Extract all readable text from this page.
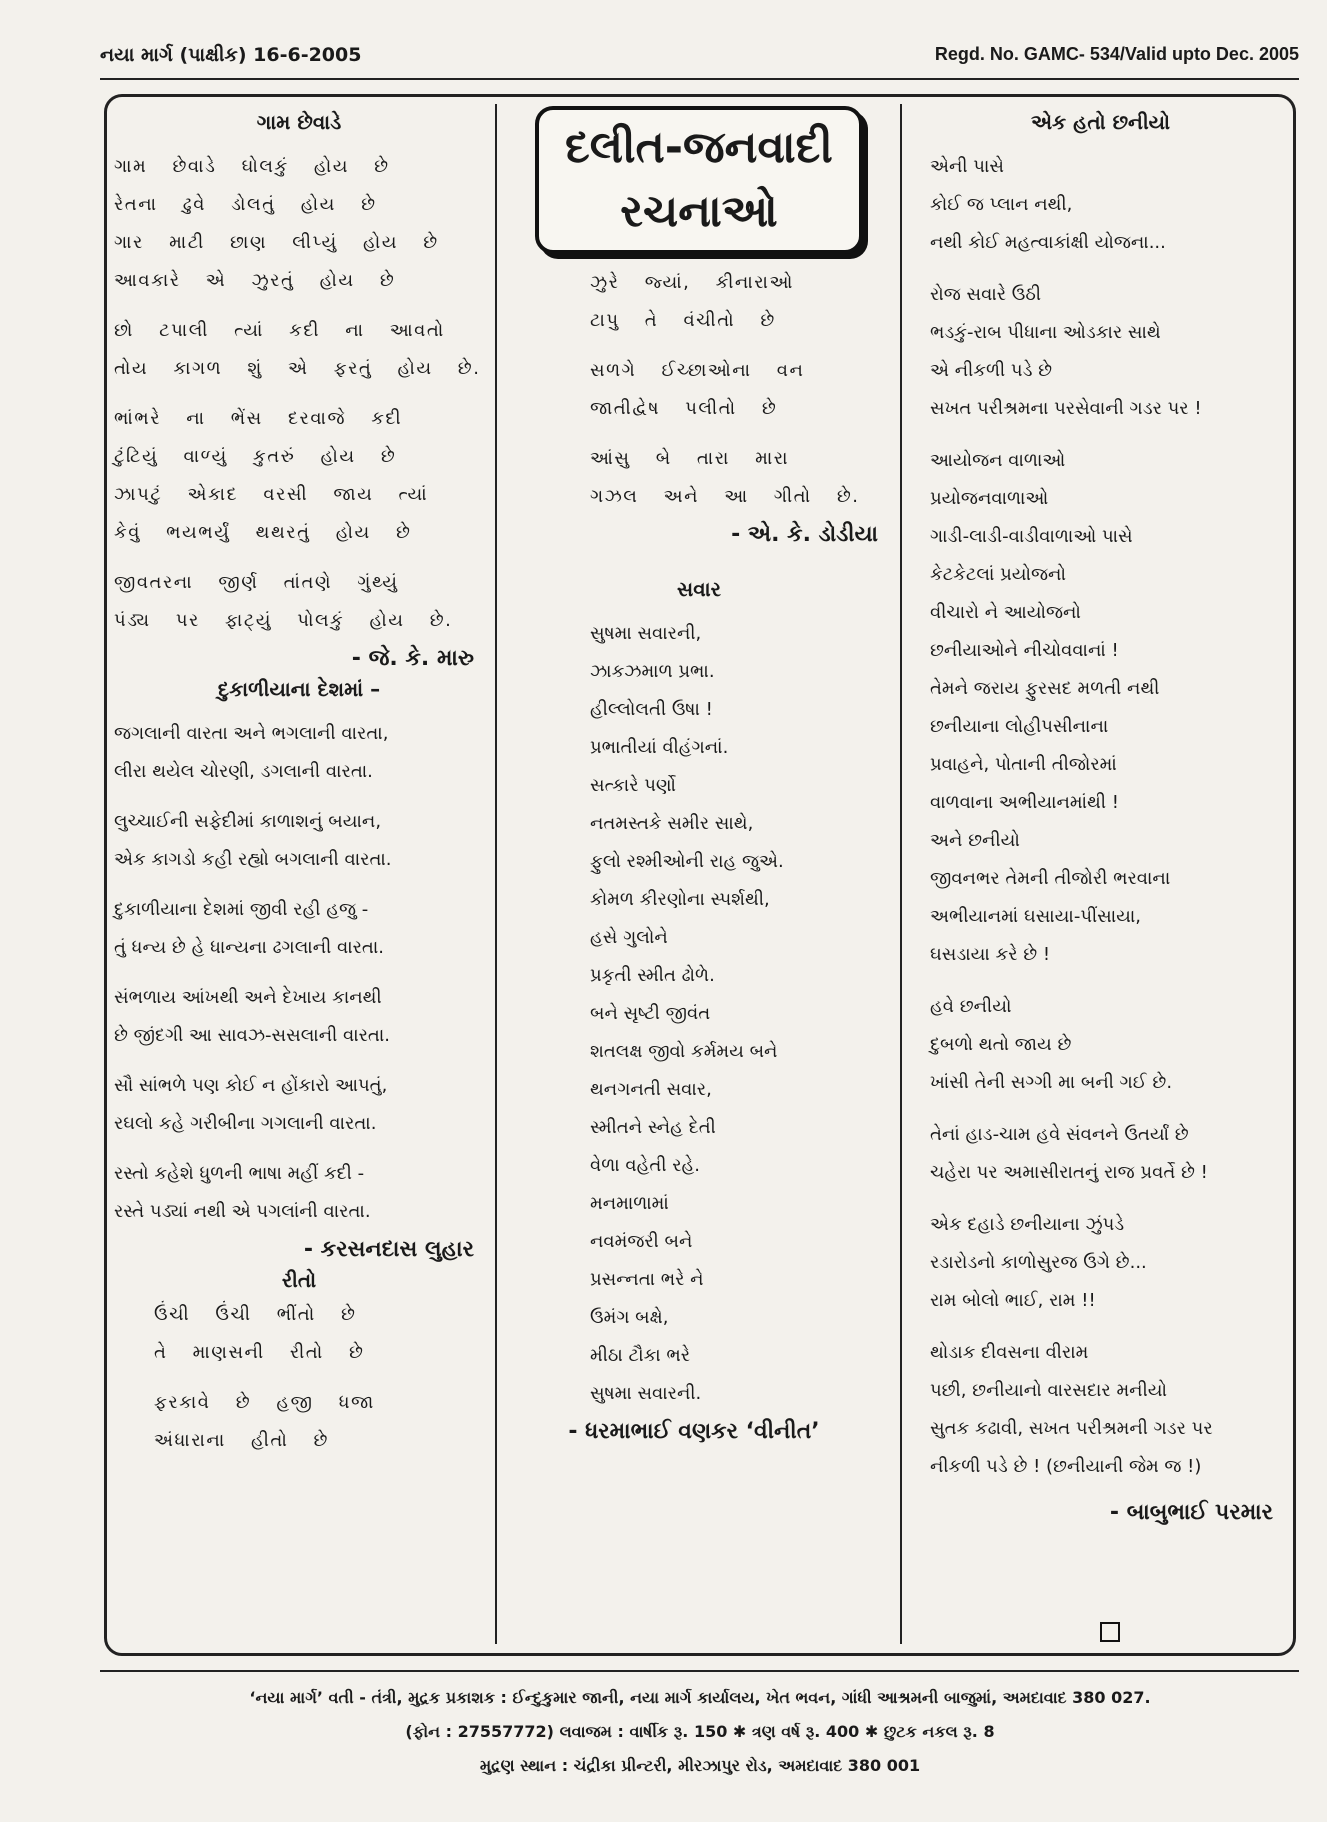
નયા માર્ગ (પાક્ષીક) 16-6-2005	Regd. No. GAMC- 534/Valid upto Dec. 2005
ગામ છેવાડે
ગામ છેવાડે ઘોલકું હોય છે
રેતના ઢુવે ડોલતું હોય છે
ગાર માટી છાણ લીપ્યું હોય છે
આવકારે એ ઝુરતું હોય છે
છો ટપાલી ત્યાં કદી ના આવતો
તોય કાગળ શું એ ફરતું હોય છે.
ભાંભરે ના ભેંસ દરવાજે કદી
ટુંટિયું વાળ્યું કુતરું હોય છે
ઝાપટું એકાદ વરસી જાય ત્યાં
કેવું ભયભર્યું થથરતું હોય છે
જીવતરના જીર્ણ તાંતણે ગુંથ્યું
પંડ્ય પર ફાટ્યું પોલકું હોય છે.
- જે. કે. મારુ
દુકાળીયાના દેશમાં –
જગલાની વારતા અને ભગલાની વારતા,
લીરા થયેલ ચોરણી, ડગલાની વારતા.
લુચ્ચાઈની સફેદીમાં કાળાશનું બયાન,
એક કાગડો કહી રહ્યો બગલાની વારતા.
દુકાળીયાના દેશમાં જીવી રહી હજુ -
તું ધન્ય છે હે ધાન્યના ઢગલાની વારતા.
સંભળાય આંખથી અને દેખાય કાનથી
છે જીંદગી આ સાવઝ-સસલાની વારતા.
સૌ સાંભળે પણ કોઈ ન હોંકારો આપતું,
રઘલો કહે ગરીબીના ગગલાની વારતા.
રસ્તો કહેશે ધુળની ભાષા મહીં કદી -
રસ્તે પડ્યાં નથી એ પગલાંની વારતા.
- કરસનદાસ લુહાર
રીતો
ઉંચી ઉંચી ભીંતો છે
તે માણસની રીતો છે
ફરકાવે છે હજી ધજા
અંધારાના હીતો છે
દલીત-જનવાદી
રચનાઓ
ઝુરે જ્યાં, કીનારાઓ
ટાપુ તે વંચીતો છે
સળગે ઈચ્છાઓના વન
જાતીદ્વેષ પલીતો છે
આંસુ બે તારા મારા
ગઝલ અને આ ગીતો છે.
- એ. કે. ડોડીયા
સવાર
સુષમા સવારની,
ઝાકઝમાળ પ્રભા.
હીલ્લોલતી ઉષા !
પ્રભાતીયાં વીહંગનાં.
સત્કારે પર્ણો
નતમસ્તકે સમીર સાથે,
ફુલો રશ્મીઓની રાહ જુએ.
કોમળ કીરણોના સ્પર્શથી,
હસે ગુલોને
પ્રકૃતી સ્મીત ઢોળે.
બને સૃષ્ટી જીવંત
શતલક્ષ જીવો કર્મમય બને
થનગનતી સવાર,
સ્મીતને સ્નેહ દેતી
વેળા વહેતી રહે.
મનમાળામાં
નવમંજરી બને
પ્રસન્નતા ભરે ને
ઉમંગ બક્ષે,
મીઠા ટૌકા ભરે
સુષમા સવારની.
- ધરમાભાઈ વણકર ‘વીનીત’
એક હતો છનીયો
એની પાસે
કોઈ જ પ્લાન નથી,
નથી કોઈ મહત્વાકાંક્ષી યોજના...
રોજ સવારે ઉઠી
ભડકું-રાબ પીધાના ઓડકાર સાથે
એ નીકળી પડે છે
સખત પરીશ્રમના પરસેવાની ગડર પર !
આયોજન વાળાઓ
પ્રયોજનવાળાઓ
ગાડી-લાડી-વાડીવાળાઓ પાસે
કેટકેટલાં પ્રયોજનો
વીચારો ને આયોજનો
છનીયાઓને નીચોવવાનાં !
તેમને જરાય ફુરસદ મળતી નથી
છનીયાના લોહીપસીનાના
પ્રવાહને, પોતાની તીજોરમાં
વાળવાના અભીયાનમાંથી !
અને છનીયો
જીવનભર તેમની તીજોરી ભરવાના
અભીયાનમાં ઘસાયા-પીંસાયા,
ઘસડાયા કરે છે !
હવે છનીયો
દુબળો થતો જાય છે
ખાંસી તેની સગ્ગી મા બની ગઈ છે.
તેનાં હાડ-ચામ હવે સંવનને ઉતર્યાં છે
ચહેરા પર અમાસીરાતનું રાજ પ્રવર્તે છે !
એક દહાડે છનીયાના ઝુંપડે
રડારોડનો કાળોસુરજ ઉગે છે...
રામ બોલો ભાઈ, રામ !!
થોડાક દીવસના વીરામ
પછી, છનીયાનો વારસદાર મનીયો
સુતક કઢાવી, સખત પરીશ્રમની ગડર પર
નીકળી પડે છે ! (છનીયાની જેમ જ !)
- બાબુભાઈ પરમાર
‘નયા માર્ગ’ વતી - તંત્રી, મુદ્રક પ્રકાશક : ઈન્દુકુમાર જાની, નયા માર્ગ કાર્યાલય, ખેત ભવન, ગાંધી આશ્રમની બાજુમાં, અમદાવાદ 380 027.
(ફોન : 27557772) લવાજમ : વાર્ષીક રૂ. 150 ✱ ત્રણ વર્ષ રૂ. 400 ✱ છુટક નકલ રૂ. 8
મુદ્રણ સ્થાન : ચંદ્રીકા પ્રીન્ટરી, મીરઝાપુર રોડ, અમદાવાદ 380 001
